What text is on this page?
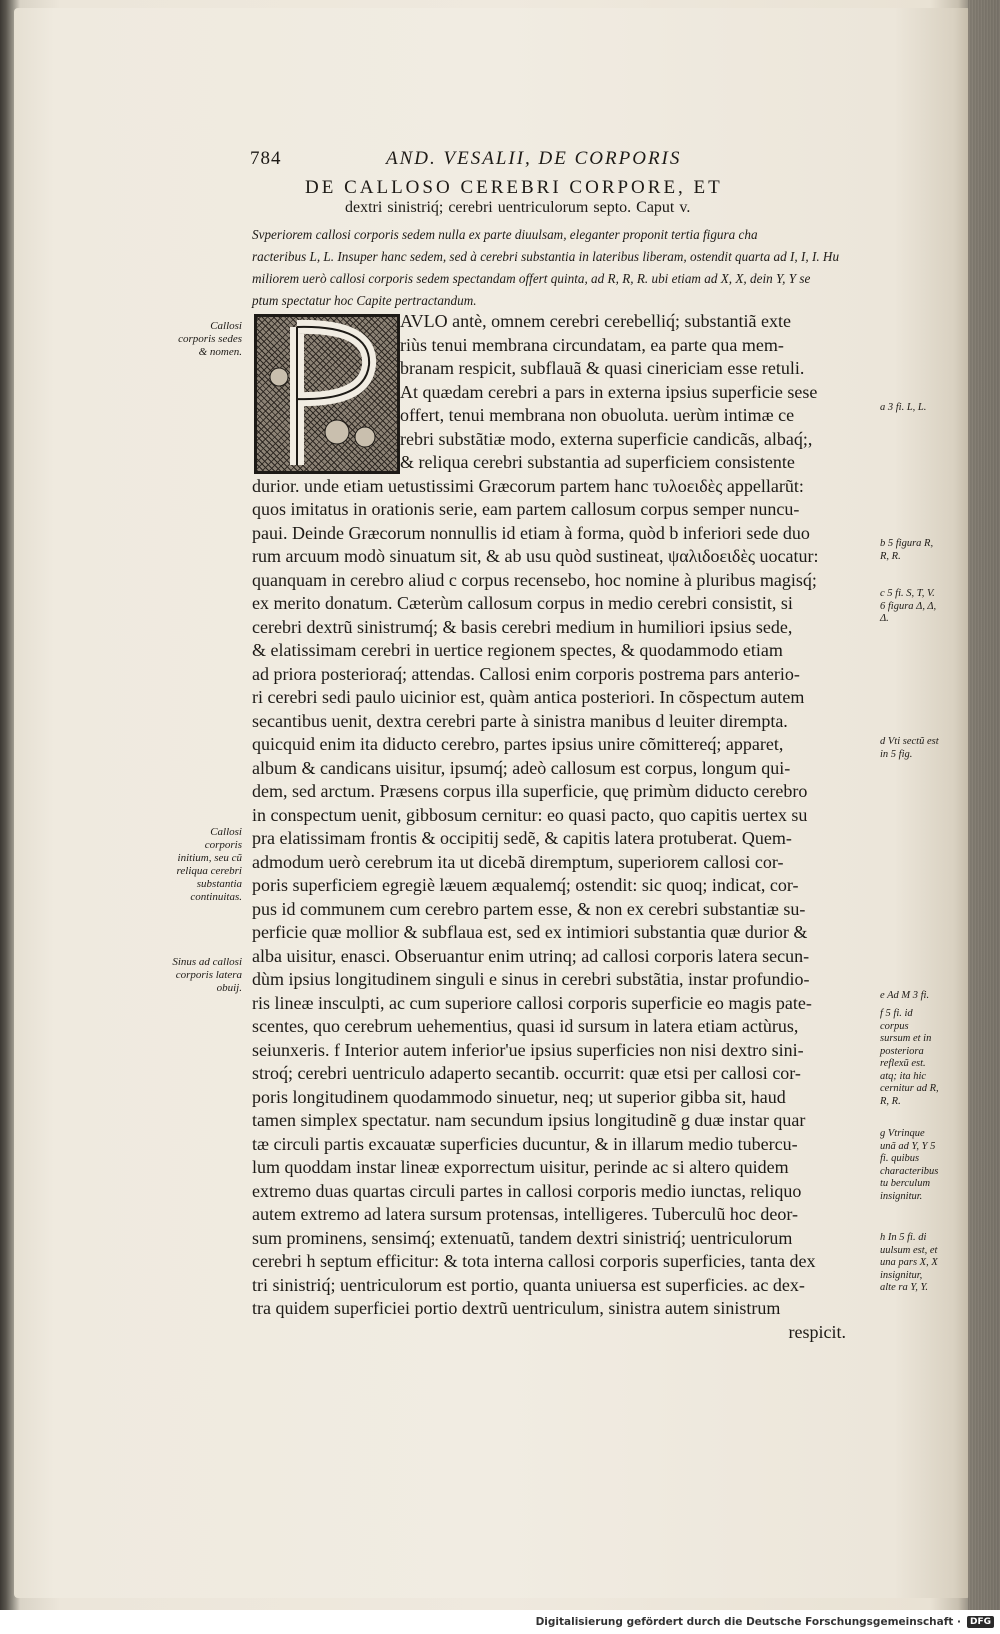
784	AND. VESALII, DE CORPORIS
DE CALLOSO CEREBRI CORPORE, ET
dextri sinistriq́; cerebri uentriculorum septo. Caput v.
Svperiorem callosi corporis sedem nulla ex parte diuulsam, eleganter proponit tertia figura cha
racteribus L, L. Insuper hanc sedem, sed à cerebri substantia in lateribus liberam, ostendit quarta ad I, I, I. Hu
miliorem uerò callosi corporis sedem spectandam offert quinta, ad R, R, R. ubi etiam ad X, X, dein Y, Y se
ptum spectatur hoc Capite pertractandum.
AVLO antè, omnem cerebri cerebelliq́; substantiã exte
riùs tenui membrana circundatam, ea parte qua mem-
branam respicit, subflauã & quasi cinericiam esse retuli.
At quædam cerebri a pars in externa ipsius superficie sese
offert, tenui membrana non obuoluta. uerùm intimæ ce
rebri substãtiæ modo, externa superficie candicãs, albaq́;,
& reliqua cerebri substantia ad superficiem consistente
durior. unde etiam uetustissimi Græcorum partem hanc τυλοειδὲς appellarũt:
quos imitatus in orationis serie, eam partem callosum corpus semper nuncu-
paui. Deinde Græcorum nonnullis id etiam à forma, quòd b inferiori sede duo
rum arcuum modò sinuatum sit, & ab usu quòd sustineat, ψαλιδοειδὲς uocatur:
quanquam in cerebro aliud c corpus recensebo, hoc nomine à pluribus magisq́;
ex merito donatum. Cæterùm callosum corpus in medio cerebri consistit, si
cerebri dextrũ sinistrumq́; & basis cerebri medium in humiliori ipsius sede,
& elatissimam cerebri in uertice regionem spectes, & quodammodo etiam
ad priora posterioraq́; attendas. Callosi enim corporis postrema pars anterio-
ri cerebri sedi paulo uicinior est, quàm antica posteriori. In cõspectum autem
secantibus uenit, dextra cerebri parte à sinistra manibus d leuiter dirempta.
quicquid enim ita diducto cerebro, partes ipsius unire cõmittereq́; apparet,
album & candicans uisitur, ipsumq́; adeò callosum est corpus, longum qui-
dem, sed arctum. Præsens corpus illa superficie, quę primùm diducto cerebro
in conspectum uenit, gibbosum cernitur: eo quasi pacto, quo capitis uertex su
pra elatissimam frontis & occipitij sedẽ, & capitis latera protuberat. Quem-
admodum uerò cerebrum ita ut dicebã diremptum, superiorem callosi cor-
poris superficiem egregiè læuem æqualemq́; ostendit: sic quoq; indicat, cor-
pus id communem cum cerebro partem esse, & non ex cerebri substantiæ su-
perficie quæ mollior & subflaua est, sed ex intimiori substantia quæ durior &
alba uisitur, enasci. Obseruantur enim utrinq; ad callosi corporis latera secun-
dùm ipsius longitudinem singuli e sinus in cerebri substãtia, instar profundio-
ris lineæ insculpti, ac cum superiore callosi corporis superficie eo magis pate-
scentes, quo cerebrum uehementius, quasi id sursum in latera etiam actùrus,
seiunxeris. f Interior autem inferior'ue ipsius superficies non nisi dextro sini-
stroq́; cerebri uentriculo adaperto secantib. occurrit: quæ etsi per callosi cor-
poris longitudinem quodammodo sinuetur, neq; ut superior gibba sit, haud
tamen simplex spectatur. nam secundum ipsius longitudinẽ g duæ instar quar
tæ circuli partis excauatæ superficies ducuntur, & in illarum medio tubercu-
lum quoddam instar lineæ exporrectum uisitur, perinde ac si altero quidem
extremo duas quartas circuli partes in callosi corporis medio iunctas, reliquo
autem extremo ad latera sursum protensas, intelligeres. Tuberculũ hoc deor-
sum prominens, sensimq́; extenuatũ, tandem dextri sinistriq́; uentriculorum
cerebri h septum efficitur: & tota interna callosi corporis superficies, tanta dex
tri sinistriq́; uentriculorum est portio, quanta uniuersa est superficies. ac dex-
tra quidem superficiei portio dextrũ uentriculum, sinistra autem sinistrum
respicit.
Callosi corporis sedes & nomen.
Callosi corporis initium, seu cũ reliqua cerebri substantia continuitas.
Sinus ad callosi corporis latera obuij.
a 3 fi. L, L.
b 5 figura R, R, R.
c 5 fi. S, T, V. 6 figura Δ, Δ, Δ.
d Vti sectũ est in 5 fig.
e Ad M 3 fi.
f 5 fi. id corpus sursum et in posteriora reflexũ est. atq; ita hic cernitur ad R, R, R.
g Vtrinque unã ad Y, Y 5 fi. quibus characteribus tu berculum insignitur.
h In 5 fi. di uulsum est, et una pars X, X insignitur, alte ra Y, Y.
Digitalisierung gefördert durch die Deutsche Forschungsgemeinschaft ·	DFG
